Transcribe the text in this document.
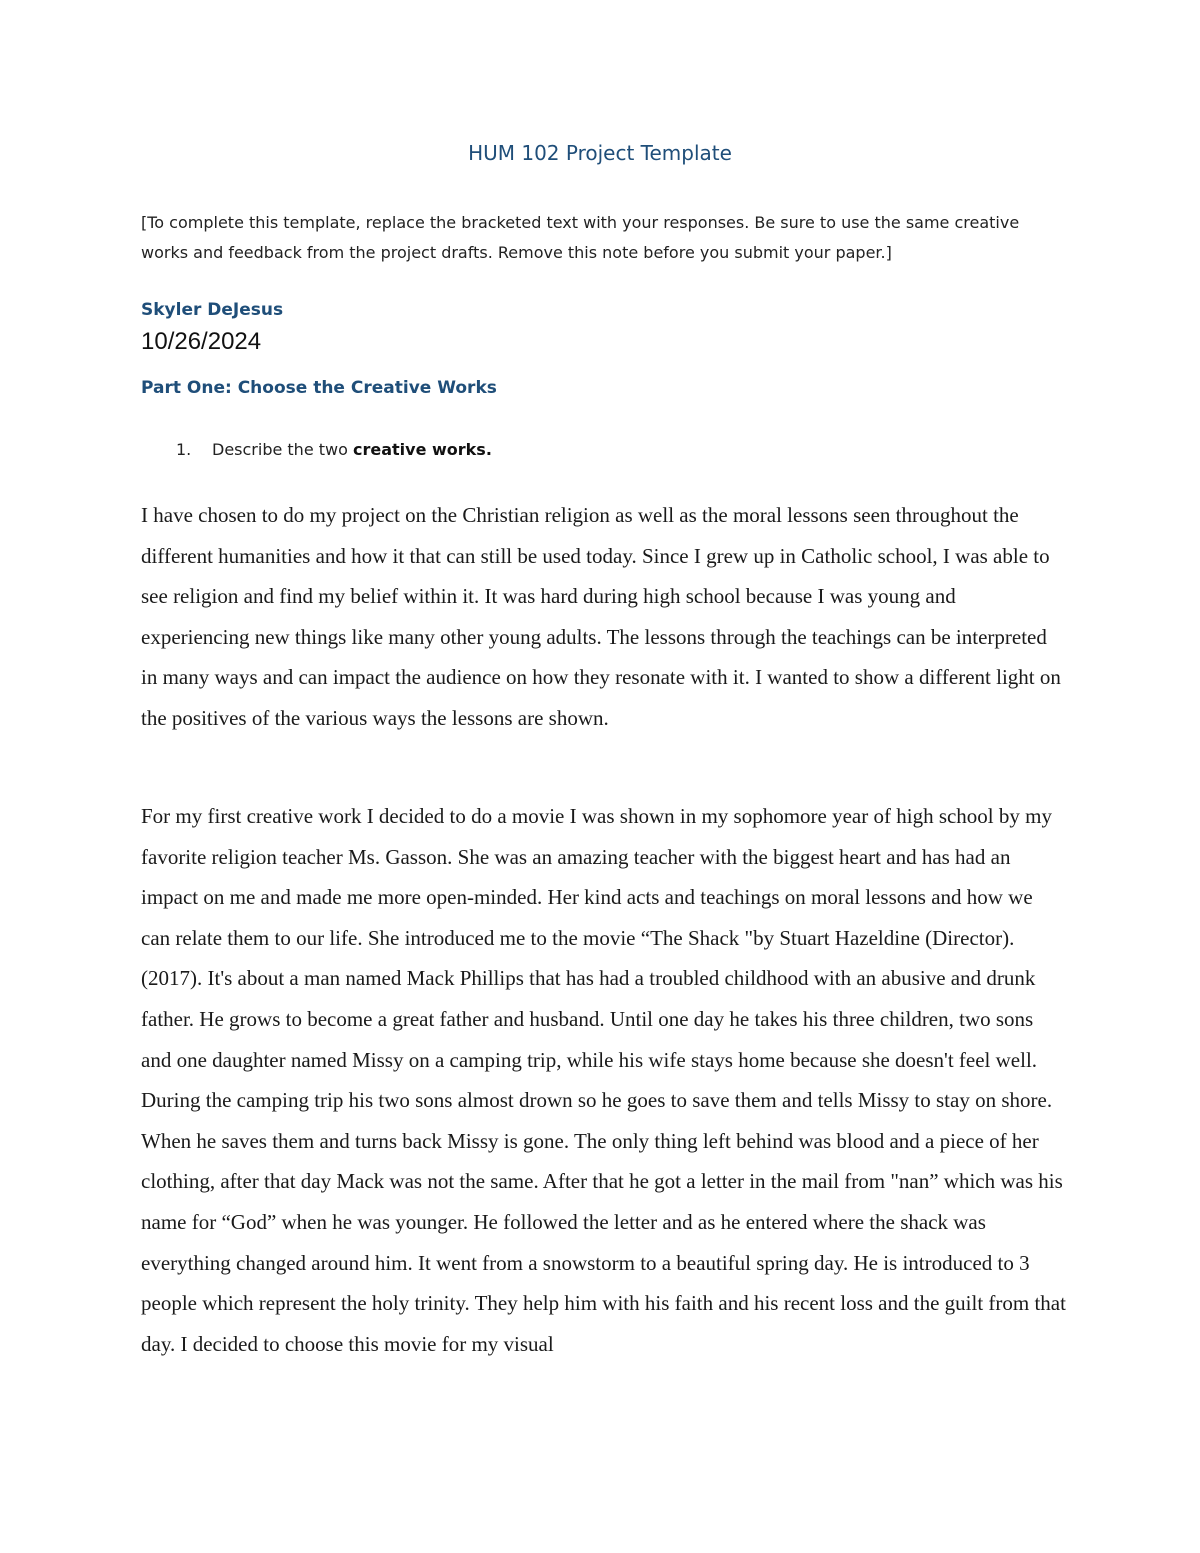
HUM 102 Project Template

[To complete this template, replace the bracketed text with your responses. Be sure to use the same creative works and feedback from the project drafts. Remove this note before you submit your paper.]

Skyler DeJesus

10/26/2024

Part One: Choose the Creative Works

1. Describe the two creative works.

I have chosen to do my project on the Christian religion as well as the moral lessons seen throughout the different humanities and how it that can still be used today. Since I grew up in Catholic school, I was able to see religion and find my belief within it. It was hard during high school because I was young and experiencing new things like many other young adults. The lessons through the teachings can be interpreted in many ways and can impact the audience on how they resonate with it. I wanted to show a different light on the positives of the various ways the lessons are shown.

For my first creative work I decided to do a movie I was shown in my sophomore year of high school by my favorite religion teacher Ms. Gasson. She was an amazing teacher with the biggest heart and has had an impact on me and made me more open-minded. Her kind acts and teachings on moral lessons and how we can relate them to our life. She introduced me to the movie “The Shack "by Stuart Hazeldine (Director). (2017). It's about a man named Mack Phillips that has had a troubled childhood with an abusive and drunk father. He grows to become a great father and husband. Until one day he takes his three children, two sons and one daughter named Missy on a camping trip, while his wife stays home because she doesn't feel well. During the camping trip his two sons almost drown so he goes to save them and tells Missy to stay on shore. When he saves them and turns back Missy is gone. The only thing left behind was blood and a piece of her clothing, after that day Mack was not the same. After that he got a letter in the mail from "nan” which was his name for “God” when he was younger. He followed the letter and as he entered where the shack was everything changed around him. It went from a snowstorm to a beautiful spring day. He is introduced to 3 people which represent the holy trinity. They help him with his faith and his recent loss and the guilt from that day. I decided to choose this movie for my visual
